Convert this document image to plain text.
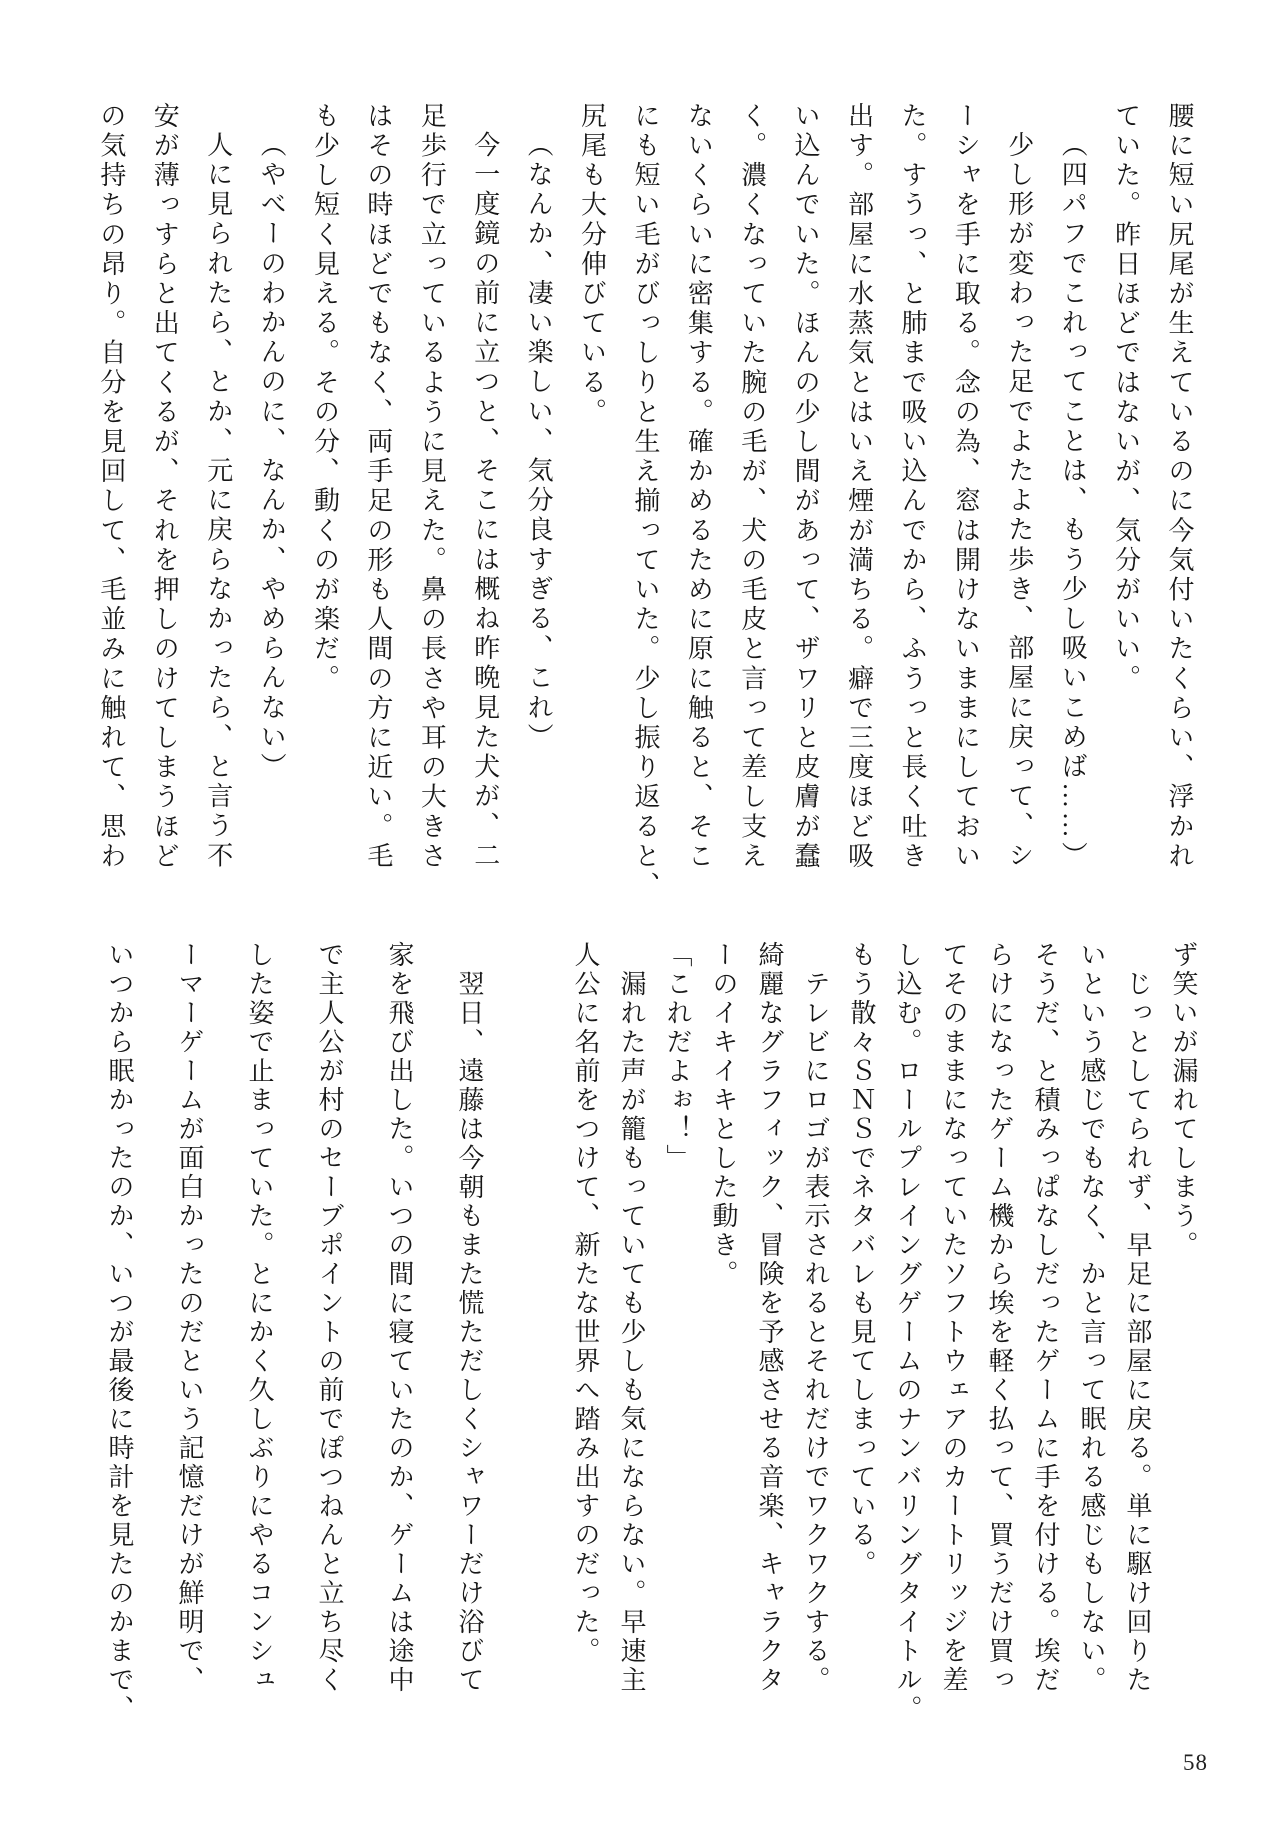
腰に短い尻尾が生えているのに今気付いたくらい、浮かれ
ていた。昨日ほどではないが、気分がいい。
（四パフでこれってことは、もう少し吸いこめば……）
少し形が変わった足でよたよた歩き、部屋に戻って、シ
ーシャを手に取る。念の為、窓は開けないままにしておい
た。すうっ、と肺まで吸い込んでから、ふうっと長く吐き
出す。部屋に水蒸気とはいえ煙が満ちる。癖で三度ほど吸
い込んでいた。ほんの少し間があって、ザワリと皮膚が蠢
く。濃くなっていた腕の毛が、犬の毛皮と言って差し支え
ないくらいに密集する。確かめるために原に触ると、そこ
にも短い毛がびっしりと生え揃っていた。少し振り返ると、
尻尾も大分伸びている。
（なんか、凄い楽しい、気分良すぎる、これ）
今一度鏡の前に立つと、そこには概ね昨晩見た犬が、二
足歩行で立っているように見えた。鼻の長さや耳の大きさ
はその時ほどでもなく、両手足の形も人間の方に近い。毛
も少し短く見える。その分、動くのが楽だ。
（やべーのわかんのに、なんか、やめらんない）
人に見られたら、とか、元に戻らなかったら、と言う不
安が薄っすらと出てくるが、それを押しのけてしまうほど
の気持ちの昂り。自分を見回して、毛並みに触れて、思わ
ず笑いが漏れてしまう。
じっとしてられず、早足に部屋に戻る。単に駆け回りた
いという感じでもなく、かと言って眠れる感じもしない。
そうだ、と積みっぱなしだったゲームに手を付ける。埃だ
らけになったゲーム機から埃を軽く払って、買うだけ買っ
てそのままになっていたソフトウェアのカートリッジを差
し込む。ロールプレイングゲームのナンバリングタイトル。
もう散々ＳＮＳでネタバレも見てしまっている。
テレビにロゴが表示されるとそれだけでワクワクする。
綺麗なグラフィック、冒険を予感させる音楽、キャラクタ
ーのイキイキとした動き。
「これだよぉ！」
漏れた声が籠もっていても少しも気にならない。早速主
人公に名前をつけて、新たな世界へ踏み出すのだった。
翌日、遠藤は今朝もまた慌ただしくシャワーだけ浴びて
家を飛び出した。いつの間に寝ていたのか、ゲームは途中
で主人公が村のセーブポイントの前でぽつねんと立ち尽く
した姿で止まっていた。とにかく久しぶりにやるコンシュ
ーマーゲームが面白かったのだという記憶だけが鮮明で、
いつから眠かったのか、いつが最後に時計を見たのかまで、
58
